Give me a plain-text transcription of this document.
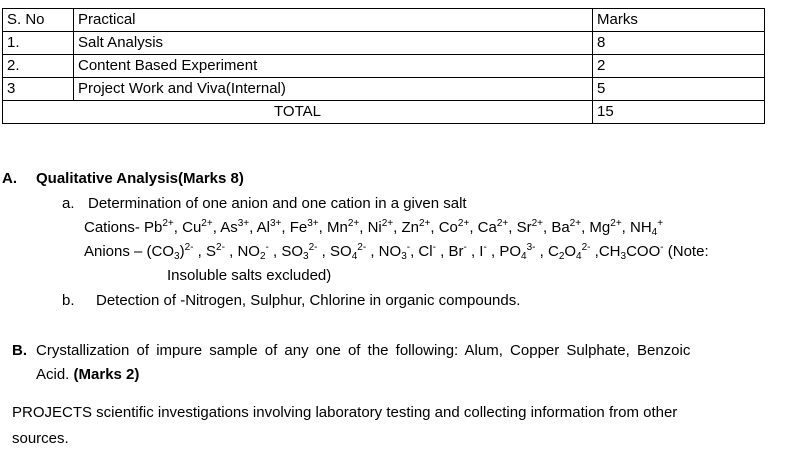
S. No	Practical	Marks
1.	Salt Analysis	8
2.	Content Based Experiment	2
3	Project Work and Viva(Internal)	5
TOTAL		15
A. Qualitative Analysis(Marks 8)
a. Determination of one anion and one cation in a given salt
Cations- $Pb^{2+}$, $Cu^{2+}$, $As^{3+}$, $Al^{3+}$, $Fe^{3+}$, $Mn^{2+}$, $Ni^{2+}$, $Zn^{2+}$, $Co^{2+}$, $Ca^{2+}$, $Sr^{2+}$, $Ba^{2+}$, $Mg^{2+}$, $NH_4^+$
Anions – $(CO_3)^{2-}$ , $S^{2-}$ , $NO_2^-$ , $SO_3^{2-}$ , $SO_4^{2-}$ , $NO_3^-$, Cl- , Br- , I- , $PO_4^{3-}$ , $C_2O_4^{2-}$ $,CH_3COO^-$ (Note:
Insoluble salts excluded)
b. Detection of -Nitrogen, Sulphur, Chlorine in organic compounds.
B. Crystallization of impure sample of any one of the following: Alum, Copper Sulphate, Benzoic
Acid. (Marks 2)
PROJECTS scientific investigations involving laboratory testing and collecting information from other
sources.
